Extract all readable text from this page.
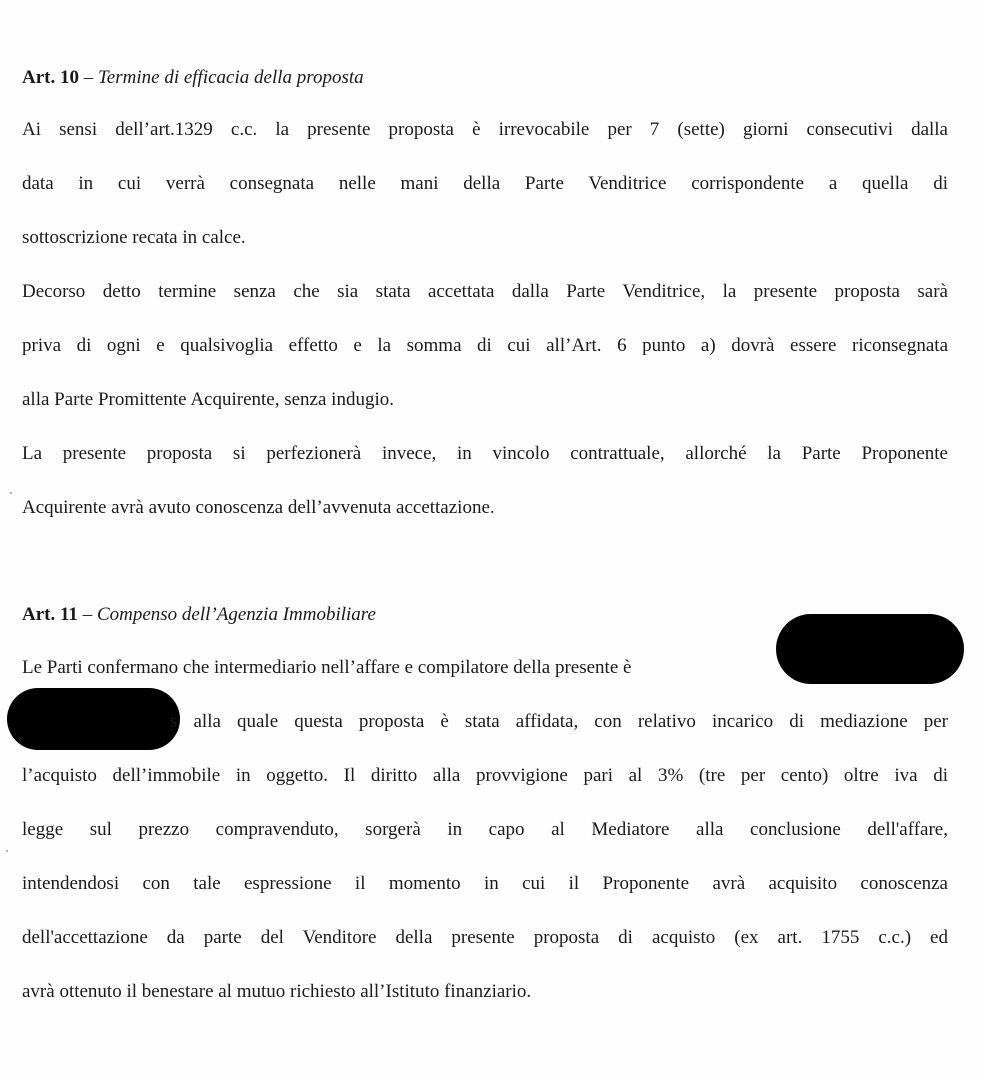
Art. 10 – Termine di efficacia della proposta
Ai sensi dell’art.1329 c.c. la presente proposta è irrevocabile per 7 (sette) giorni consecutivi dalla
data in cui verrà consegnata nelle mani della Parte Venditrice corrispondente a quella di
sottoscrizione recata in calce.
Decorso detto termine senza che sia stata accettata dalla Parte Venditrice, la presente proposta sarà
priva di ogni e qualsivoglia effetto e la somma di cui all’Art. 6 punto a) dovrà essere riconsegnata
alla Parte Promittente Acquirente, senza indugio.
La presente proposta si perfezionerà invece, in vincolo contrattuale, allorché la Parte Proponente
Acquirente avrà avuto conoscenza dell’avvenuta accettazione.
Art. 11 – Compenso dell’Agenzia Immobiliare
Le Parti confermano che intermediario nell’affare e compilatore della presente è
s alla quale questa proposta è stata affidata, con relativo incarico di mediazione per
l’acquisto dell’immobile in oggetto. Il diritto alla provvigione pari al 3% (tre per cento) oltre iva di
legge sul prezzo compravenduto, sorgerà in capo al Mediatore alla conclusione dell'affare,
intendendosi con tale espressione il momento in cui il Proponente avrà acquisito conoscenza
dell'accettazione da parte del Venditore della presente proposta di acquisto (ex art. 1755 c.c.) ed
avrà ottenuto il benestare al mutuo richiesto all’Istituto finanziario.
